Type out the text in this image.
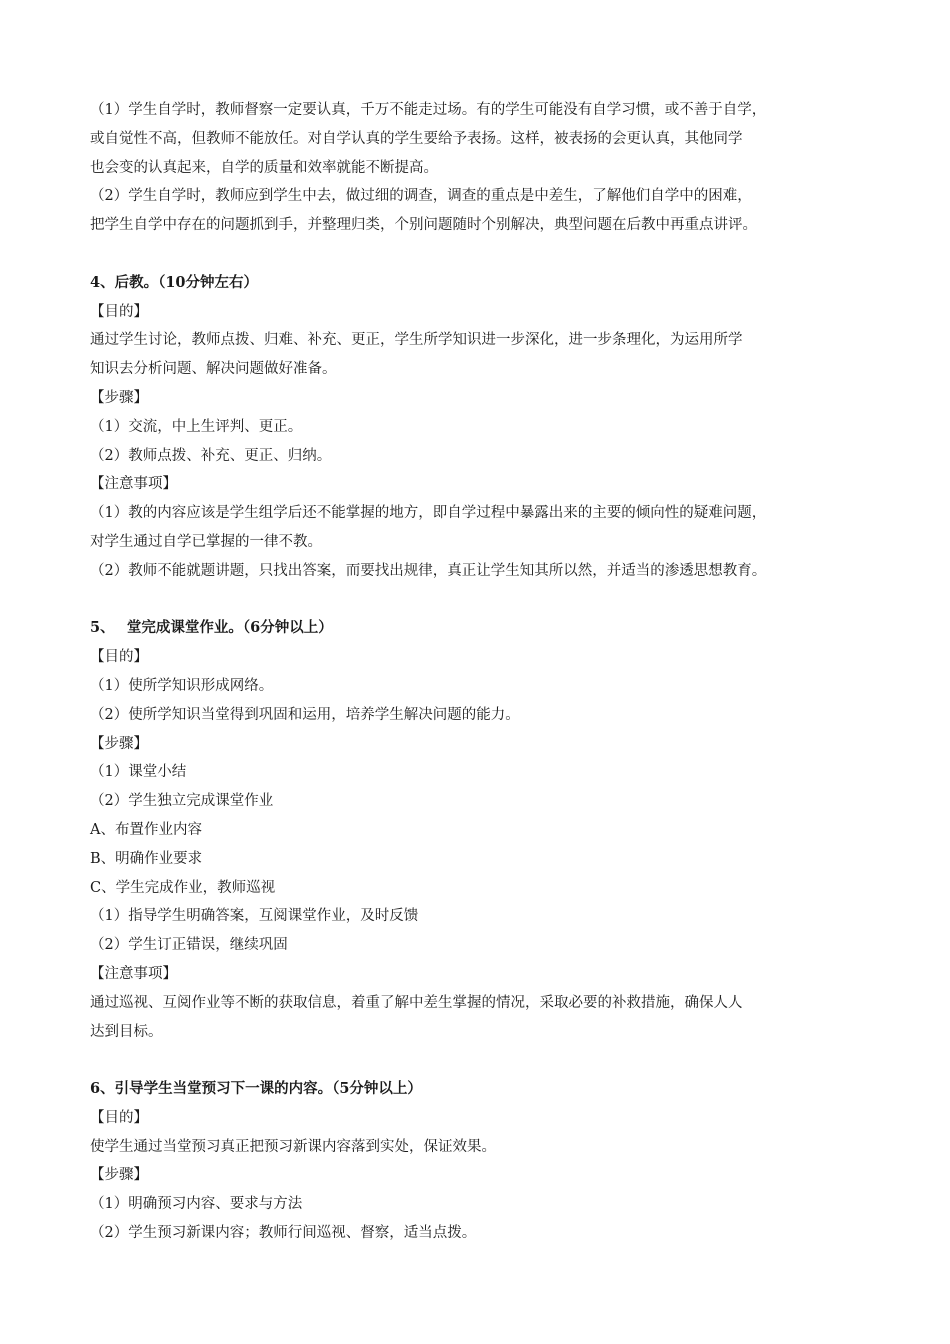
（1）学生自学时，教师督察一定要认真，千万不能走过场。有的学生可能没有自学习惯，或不善于自学，
或自觉性不高，但教师不能放任。对自学认真的学生要给予表扬。这样，被表扬的会更认真，其他同学
也会变的认真起来，自学的质量和效率就能不断提高。
（2）学生自学时，教师应到学生中去，做过细的调查，调查的重点是中差生，了解他们自学中的困难，
把学生自学中存在的问题抓到手，并整理归类，个别问题随时个别解决，典型问题在后教中再重点讲评。
4、后教。（10分钟左右）
【目的】
通过学生讨论，教师点拨、归难、补充、更正，学生所学知识进一步深化，进一步条理化，为运用所学
知识去分析问题、解决问题做好准备。
【步骤】
（1）交流，中上生评判、更正。
（2）教师点拨、补充、更正、归纳。
【注意事项】
（1）教的内容应该是学生组学后还不能掌握的地方，即自学过程中暴露出来的主要的倾向性的疑难问题，
对学生通过自学已掌握的一律不教。
（2）教师不能就题讲题，只找出答案，而要找出规律，真正让学生知其所以然，并适当的渗透思想教育。
5、　 堂完成课堂作业。（6分钟以上）
【目的】
（1）使所学知识形成网络。
（2）使所学知识当堂得到巩固和运用，培养学生解决问题的能力。
【步骤】
（1）课堂小结
（2）学生独立完成课堂作业
A、布置作业内容
B、明确作业要求
C、学生完成作业，教师巡视
（1）指导学生明确答案，互阅课堂作业，及时反馈
（2）学生订正错误，继续巩固
【注意事项】
通过巡视、互阅作业等不断的获取信息，着重了解中差生掌握的情况，采取必要的补救措施，确保人人
达到目标。
6、引导学生当堂预习下一课的内容。（5分钟以上）
【目的】
使学生通过当堂预习真正把预习新课内容落到实处，保证效果。
【步骤】
（1）明确预习内容、要求与方法
（2）学生预习新课内容；教师行间巡视、督察，适当点拨。
